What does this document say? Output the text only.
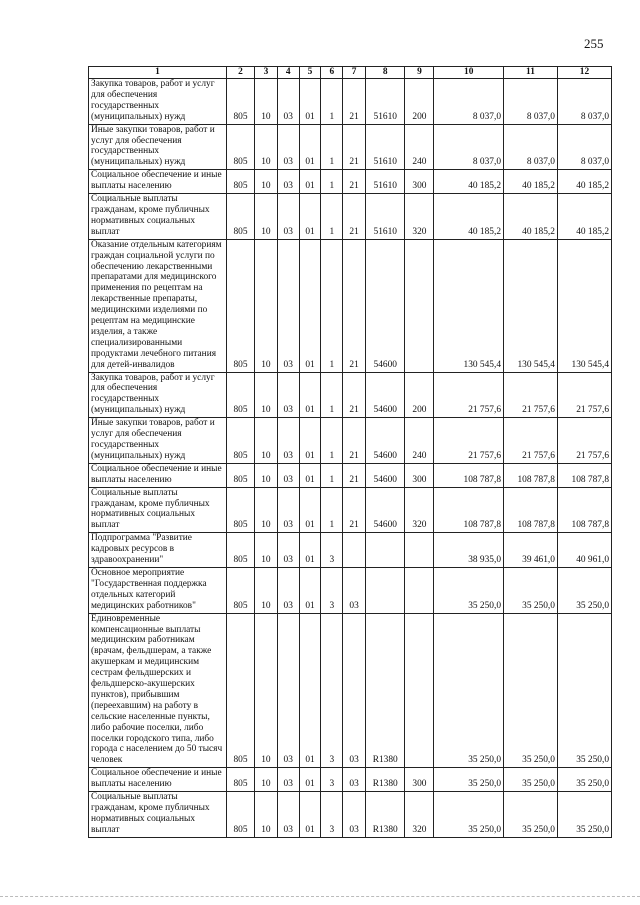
255
1	2	3	4	5	6	7	8	9	10	11	12
Закупка товаров, работ и услуг для обеспечения государственных (муниципальных) нужд	805	10	03	01	1	21	51610	200	8 037,0	8 037,0	8 037,0
Иные закупки товаров, работ и услуг для обеспечения государственных (муниципальных) нужд	805	10	03	01	1	21	51610	240	8 037,0	8 037,0	8 037,0
Социальное обеспечение и иные выплаты населению	805	10	03	01	1	21	51610	300	40 185,2	40 185,2	40 185,2
Социальные выплаты гражданам, кроме публичных нормативных социальных выплат	805	10	03	01	1	21	51610	320	40 185,2	40 185,2	40 185,2
Оказание отдельным категориям граждан социальной услуги по обеспечению лекарственными препаратами для медицинского применения по рецептам на лекарственные препараты, медицинскими изделиями по рецептам на медицинские изделия, а также специализированными продуктами лечебного питания для детей-инвалидов	805	10	03	01	1	21	54600		130 545,4	130 545,4	130 545,4
Закупка товаров, работ и услуг для обеспечения государственных (муниципальных) нужд	805	10	03	01	1	21	54600	200	21 757,6	21 757,6	21 757,6
Иные закупки товаров, работ и услуг для обеспечения государственных (муниципальных) нужд	805	10	03	01	1	21	54600	240	21 757,6	21 757,6	21 757,6
Социальное обеспечение и иные выплаты населению	805	10	03	01	1	21	54600	300	108 787,8	108 787,8	108 787,8
Социальные выплаты гражданам, кроме публичных нормативных социальных выплат	805	10	03	01	1	21	54600	320	108 787,8	108 787,8	108 787,8
Подпрограмма "Развитие кадровых ресурсов в здравоохранении"	805	10	03	01	3				38 935,0	39 461,0	40 961,0
Основное мероприятие "Государственная поддержка отдельных категорий медицинских работников"	805	10	03	01	3	03			35 250,0	35 250,0	35 250,0
Единовременные компенсационные выплаты медицинским работникам (врачам, фельдшерам, а также акушеркам и медицинским сестрам фельдшерских и фельдшерско-акушерских пунктов), прибывшим (переехавшим) на работу в сельские населенные пункты, либо рабочие поселки, либо поселки городского типа, либо города с населением до 50 тысяч человек	805	10	03	01	3	03	R1380		35 250,0	35 250,0	35 250,0
Социальное обеспечение и иные выплаты населению	805	10	03	01	3	03	R1380	300	35 250,0	35 250,0	35 250,0
Социальные выплаты гражданам, кроме публичных нормативных социальных выплат	805	10	03	01	3	03	R1380	320	35 250,0	35 250,0	35 250,0
